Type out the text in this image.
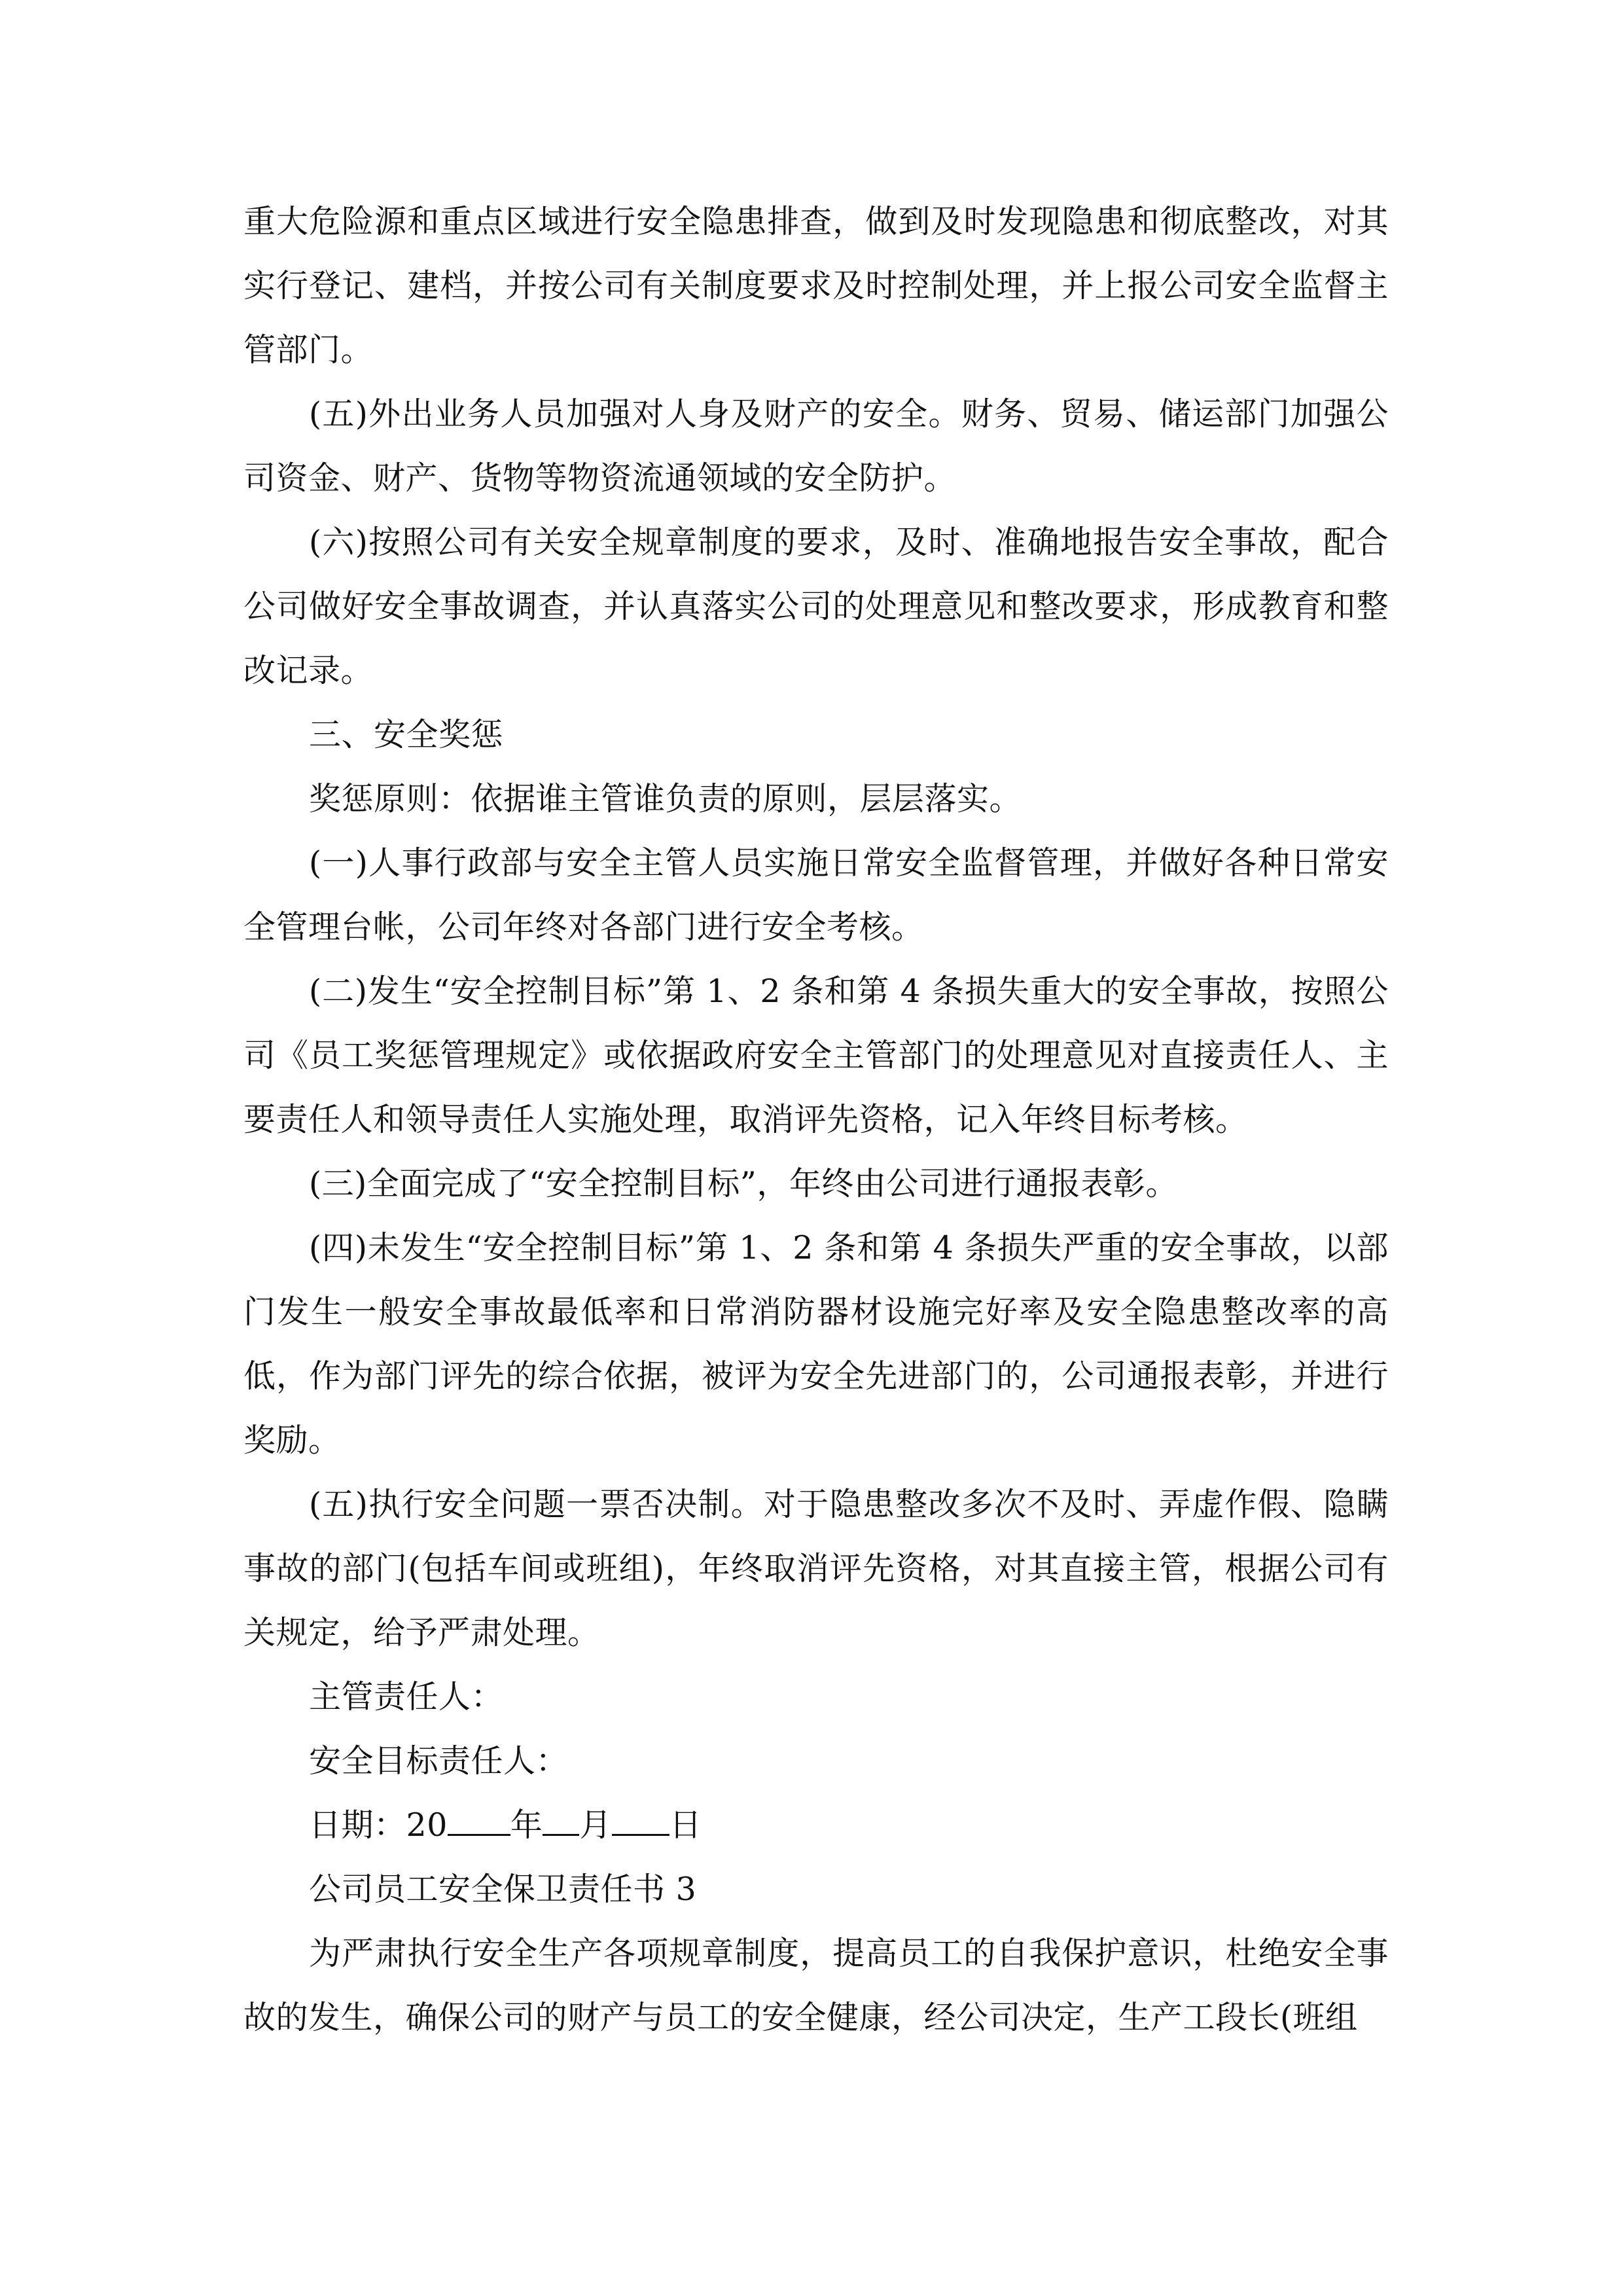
重大危险源和重点区域进行安全隐患排查，做到及时发现隐患和彻底整改，对其实行登记、建档，并按公司有关制度要求及时控制处理，并上报公司安全监督主管部门。

(五)外出业务人员加强对人身及财产的安全。财务、贸易、储运部门加强公司资金、财产、货物等物资流通领域的安全防护。

(六)按照公司有关安全规章制度的要求，及时、准确地报告安全事故，配合公司做好安全事故调查，并认真落实公司的处理意见和整改要求，形成教育和整改记录。

三、安全奖惩

奖惩原则：依据谁主管谁负责的原则，层层落实。

(一)人事行政部与安全主管人员实施日常安全监督管理，并做好各种日常安全管理台帐，公司年终对各部门进行安全考核。

(二)发生“安全控制目标”第 1、2 条和第 4 条损失重大的安全事故，按照公司《员工奖惩管理规定》或依据政府安全主管部门的处理意见对直接责任人、主要责任人和领导责任人实施处理，取消评先资格，记入年终目标考核。

(三)全面完成了“安全控制目标”，年终由公司进行通报表彰。

(四)未发生“安全控制目标”第 1、2 条和第 4 条损失严重的安全事故，以部门发生一般安全事故最低率和日常消防器材设施完好率及安全隐患整改率的高低，作为部门评先的综合依据，被评为安全先进部门的，公司通报表彰，并进行奖励。

(五)执行安全问题一票否决制。对于隐患整改多次不及时、弄虚作假、隐瞒事故的部门(包括车间或班组)，年终取消评先资格，对其直接主管，根据公司有关规定，给予严肃处理。

主管责任人：

安全目标责任人：

日期：20 年 月 日

公司员工安全保卫责任书 3

为严肃执行安全生产各项规章制度，提高员工的自我保护意识，杜绝安全事故的发生，确保公司的财产与员工的安全健康，经公司决定，生产工段长(班组
